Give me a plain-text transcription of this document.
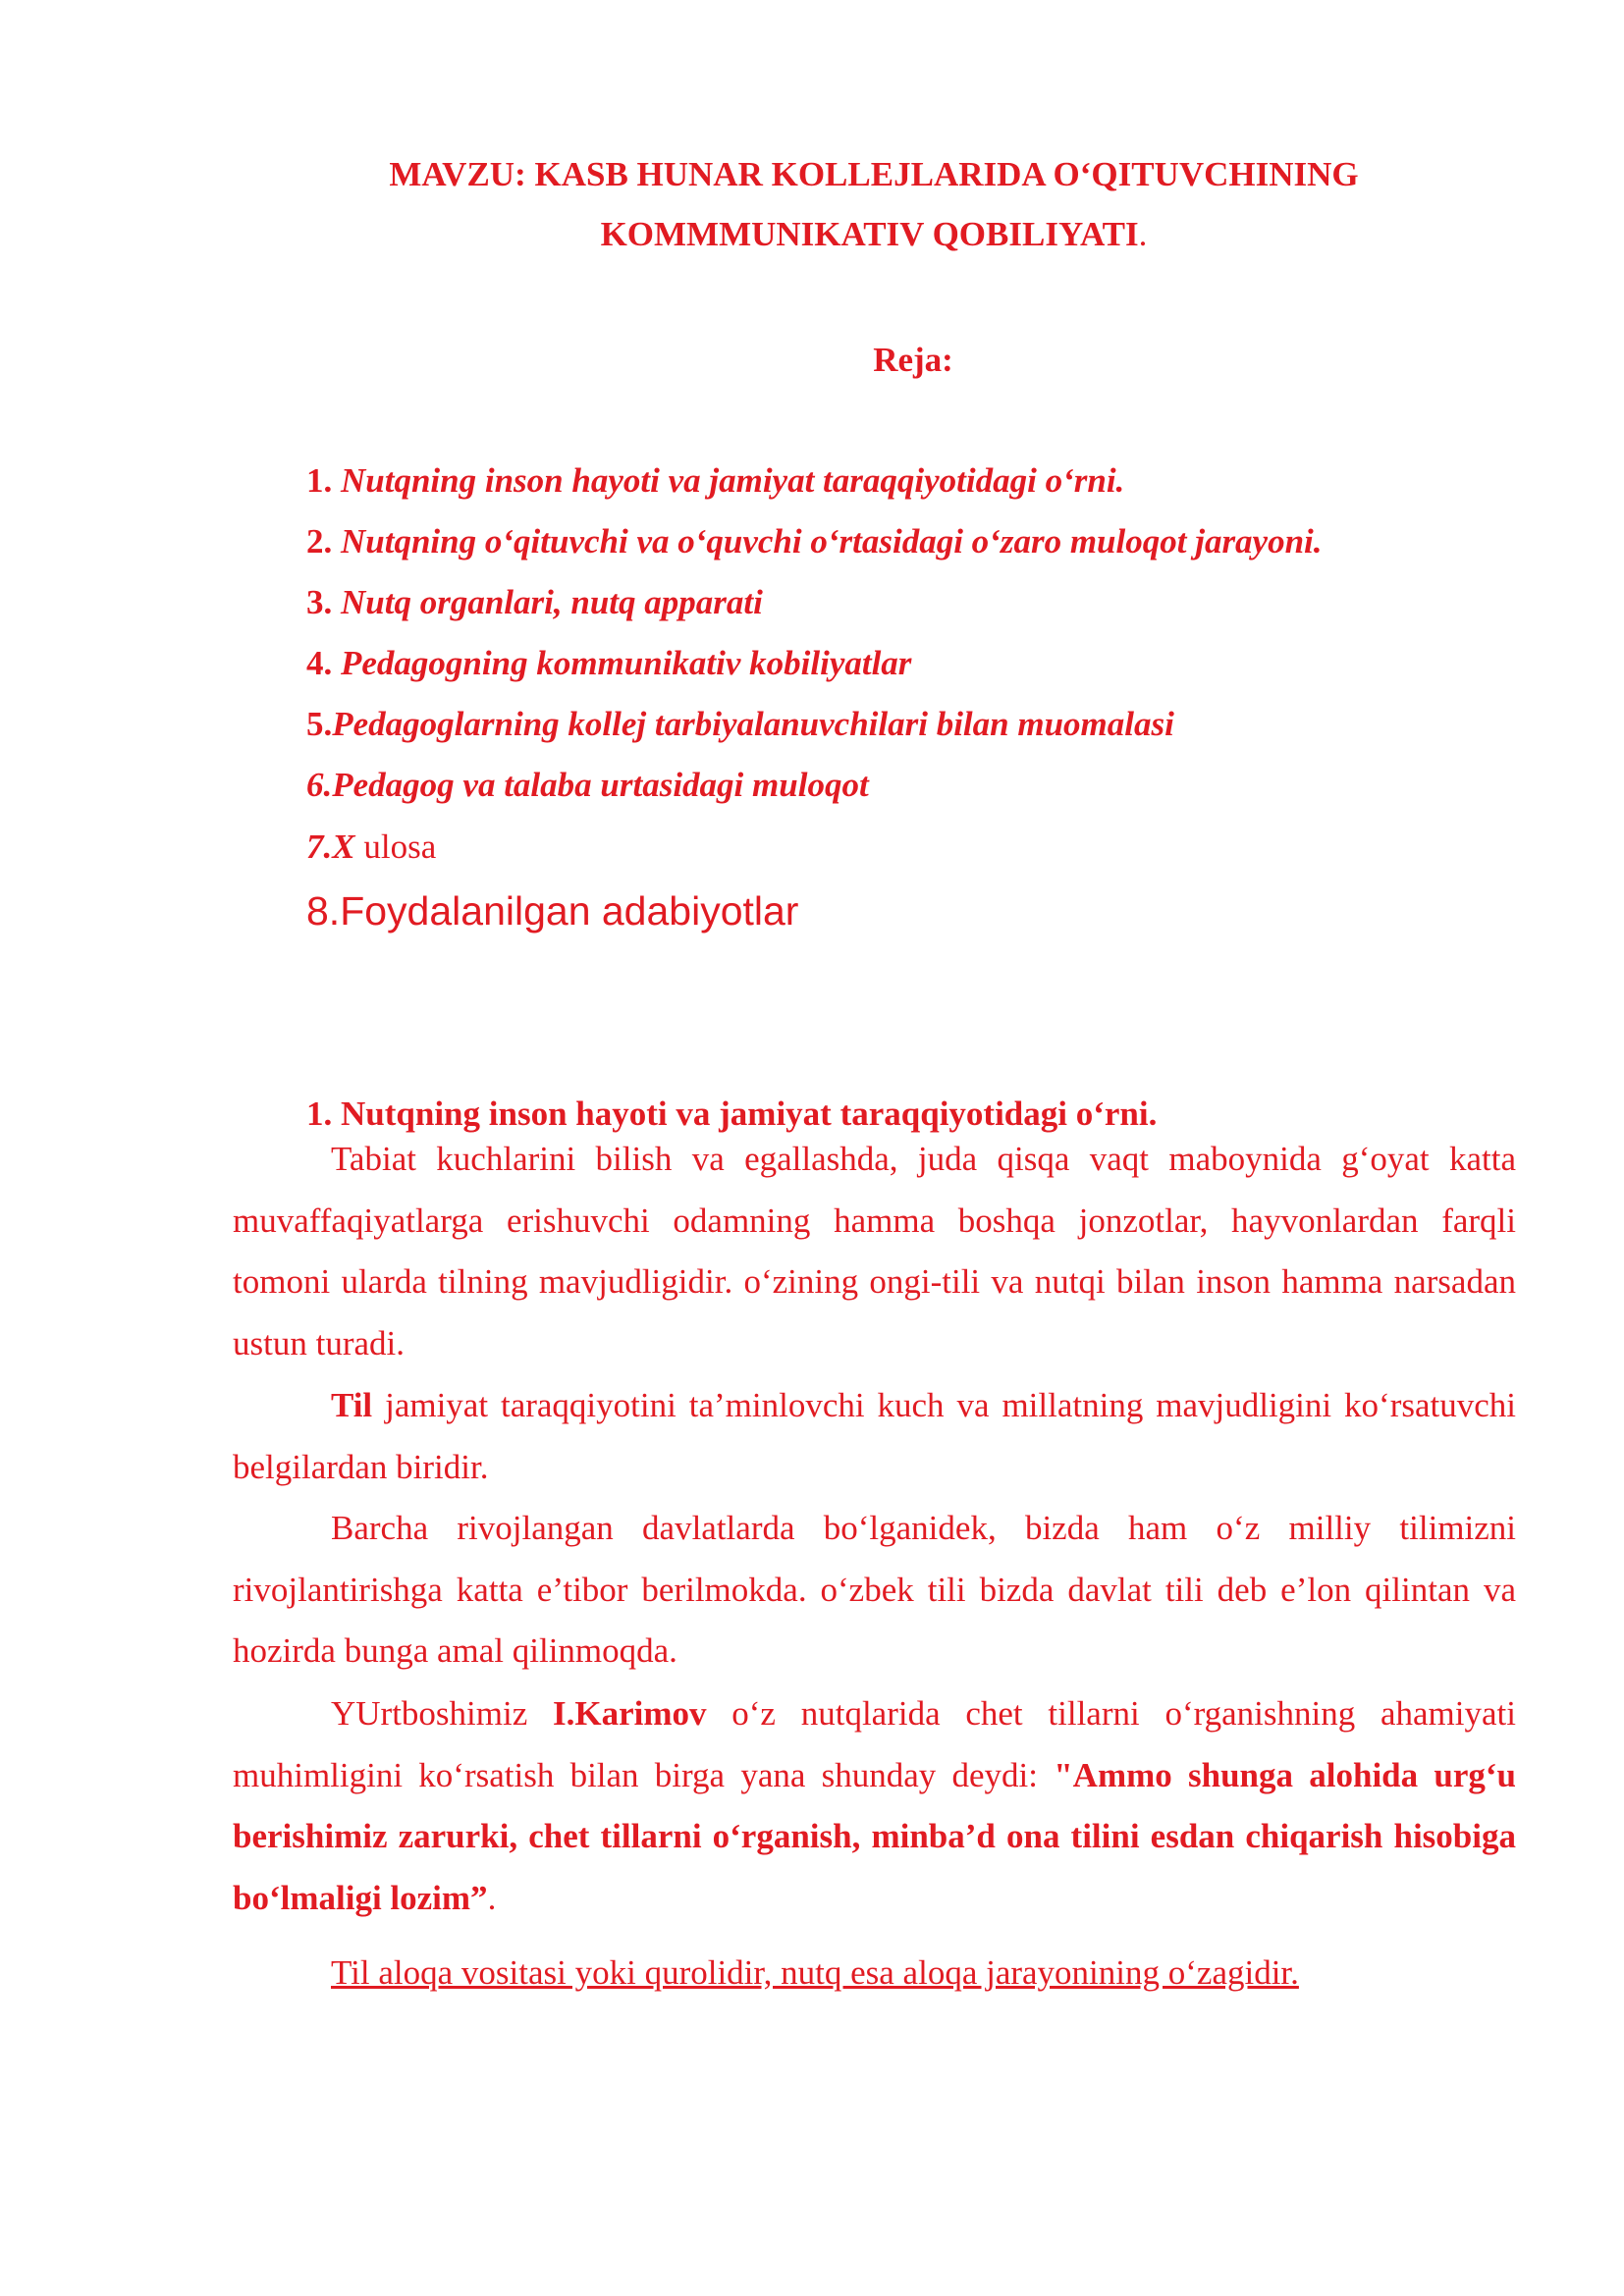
MAVZU: KASB HUNAR KOLLEJLARIDA O‘QITUVCHINING
KOMMMUNIKATIV QOBILIYATI.
Reja:
1. Nutqning inson hayoti va jamiyat taraqqiyotidagi o‘rni.
2. Nutqning o‘qituvchi va o‘quvchi o‘rtasidagi o‘zaro muloqot jarayoni.
3. Nutq organlari, nutq apparati
4. Pedagogning kommunikativ kobiliyatlar
5.Pedagoglarning kollej tarbiyalanuvchilari bilan muomalasi
6.Pedagog va talaba urtasidagi muloqot
7.X ulosa
8.Foydalanilgan adabiyotlar
1. Nutqning inson hayoti va jamiyat taraqqiyotidagi o‘rni.

Tabiat kuchlarini bilish va egallashda, juda qisqa vaqt maboynida g‘oyat katta muvaffaqiyatlarga erishuvchi odamning hamma boshqa jonzotlar, hayvonlardan farqli tomoni ularda tilning mavjudligidir. o‘zining ongi-tili va nutqi bilan inson hamma narsadan ustun turadi.

Til jamiyat taraqqiyotini ta’minlovchi kuch va millatning mavjudligini ko‘rsatuvchi belgilardan biridir.

Barcha rivojlangan davlatlarda bo‘lganidek, bizda ham o‘z milliy tilimizni rivojlantirishga katta e’tibor berilmokda. o‘zbek tili bizda davlat tili deb e’lon qilintan va hozirda bunga amal qilinmoqda.

YUrtboshimiz I.Karimov o‘z nutqlarida chet tillarni o‘rganishning ahamiyati muhimligini ko‘rsatish bilan birga yana shunday deydi: "Ammo shunga alohida urg‘u berishimiz zarurki, chet tillarni o‘rganish, minba’d ona tilini esdan chiqarish hisobiga bo‘lmaligi lozim”.

Til aloqa vositasi yoki qurolidir, nutq esa aloqa jarayonining o‘zagidir.
